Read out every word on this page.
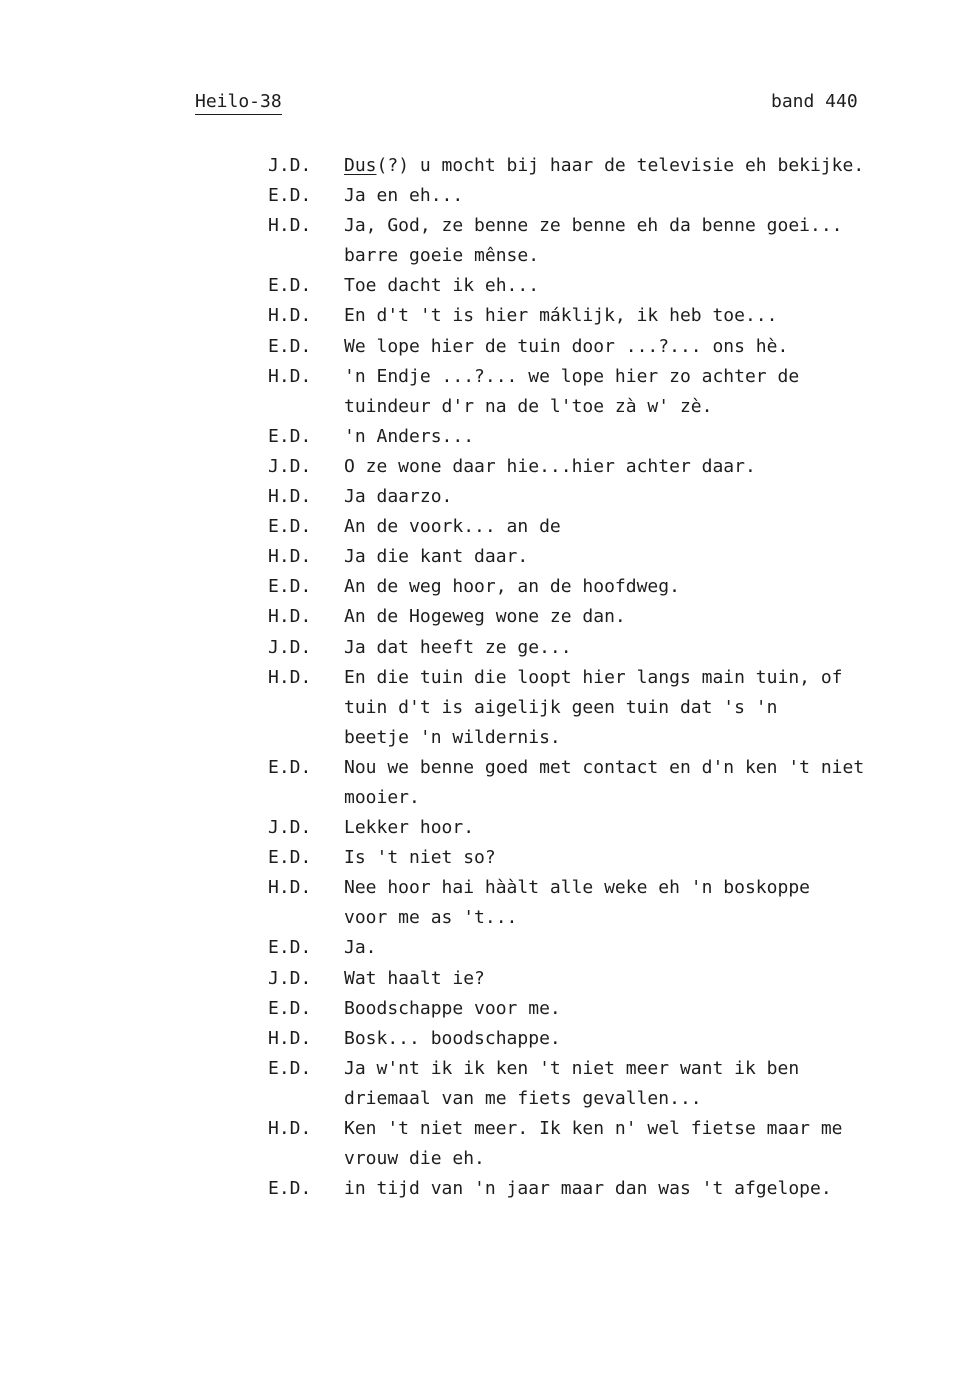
Heilo-38	band 440
J.D. Dus(?) u mocht bij haar de televisie eh bekijke.
E.D. Ja en eh...
H.D. Ja, God, ze benne ze benne eh da benne goei...
barre goeie mênse.
E.D. Toe dacht ik eh...
H.D. En d't 't is hier máklijk, ik heb toe...
E.D. We lope hier de tuin door ...?... ons hè.
H.D. 'n Endje ...?... we lope hier zo achter de
tuindeur d'r na de l'toe zà w' zè.
E.D. 'n Anders...
J.D. O ze wone daar hie...hier achter daar.
H.D. Ja daarzo.
E.D. An de voork... an de
H.D. Ja die kant daar.
E.D. An de weg hoor, an de hoofdweg.
H.D. An de Hogeweg wone ze dan.
J.D. Ja dat heeft ze ge...
H.D. En die tuin die loopt hier langs main tuin, of
tuin d't is aigelijk geen tuin dat 's 'n
beetje 'n wildernis.
E.D. Nou we benne goed met contact en d'n ken 't niet
mooier.
J.D. Lekker hoor.
E.D. Is 't niet so?
H.D. Nee hoor hai hààlt alle weke eh 'n boskoppe
voor me as 't...
E.D. Ja.
J.D. Wat haalt ie?
E.D. Boodschappe voor me.
H.D. Bosk... boodschappe.
E.D. Ja w'nt ik ik ken 't niet meer want ik ben
driemaal van me fiets gevallen...
H.D. Ken 't niet meer. Ik ken n' wel fietse maar me
vrouw die eh.
E.D. in tijd van 'n jaar maar dan was 't afgelope.
